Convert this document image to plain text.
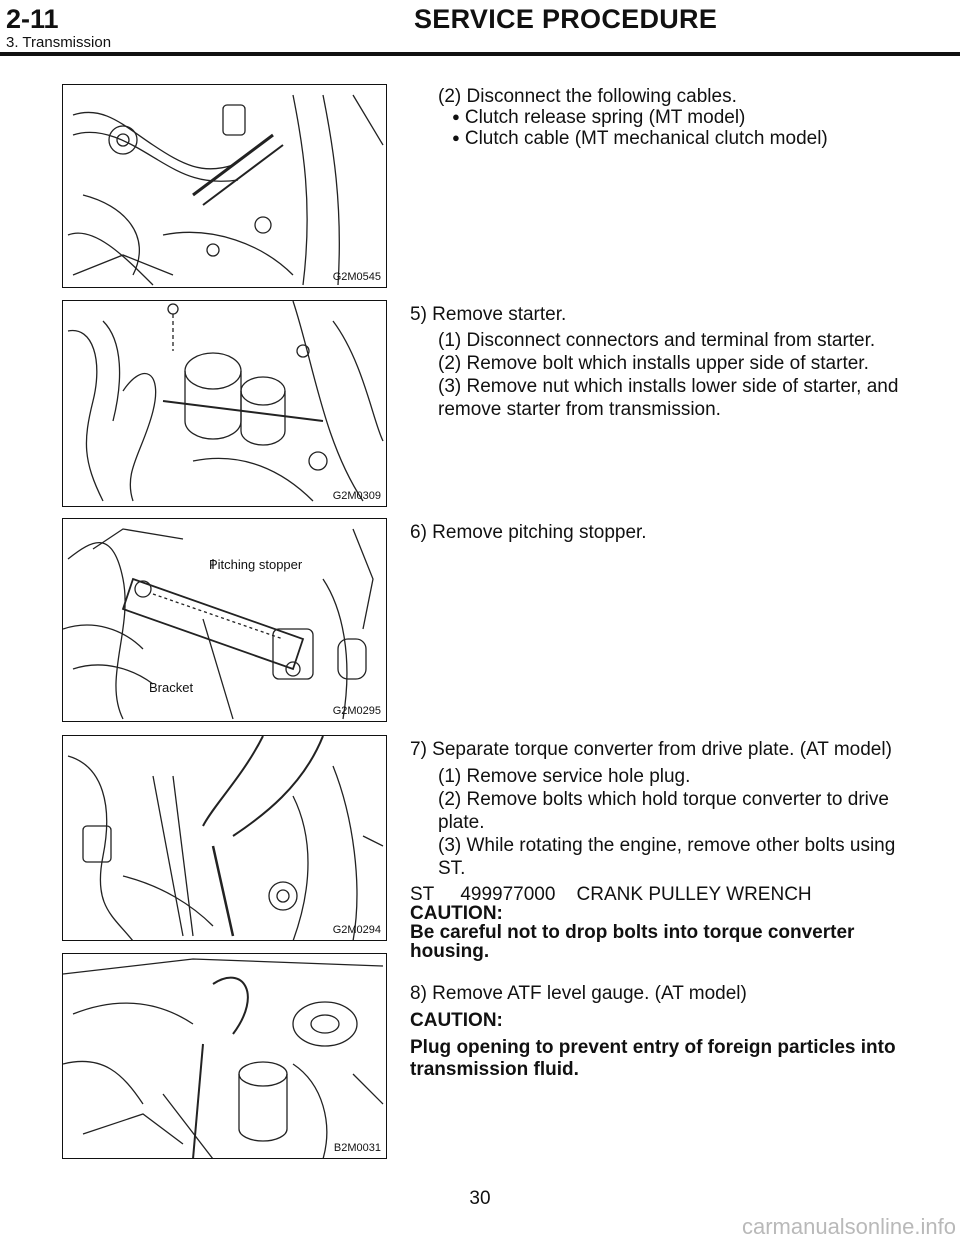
2-11	SERVICE PROCEDURE
3. Transmission
G2M0545
G2M0309
Pitching stopper
Bracket
G2M0295
G2M0294
B2M0031
(2) Disconnect the following cables.
● Clutch release spring (MT model)
● Clutch cable (MT mechanical clutch model)
5) Remove starter.
(1) Disconnect connectors and terminal from starter.
(2) Remove bolt which installs upper side of starter.
(3) Remove nut which installs lower side of starter, and
remove starter from transmission.
6) Remove pitching stopper.
7) Separate torque converter from drive plate. (AT model)
(1) Remove service hole plug.
(2) Remove bolts which hold torque converter to drive
plate.
(3) While rotating the engine, remove other bolts using
ST.
ST     499977000    CRANK PULLEY WRENCH
CAUTION:
Be careful not to drop bolts into torque converter
housing.
8) Remove ATF level gauge. (AT model)
CAUTION:
Plug opening to prevent entry of foreign particles into
transmission fluid.
30
carmanualsonline.info
